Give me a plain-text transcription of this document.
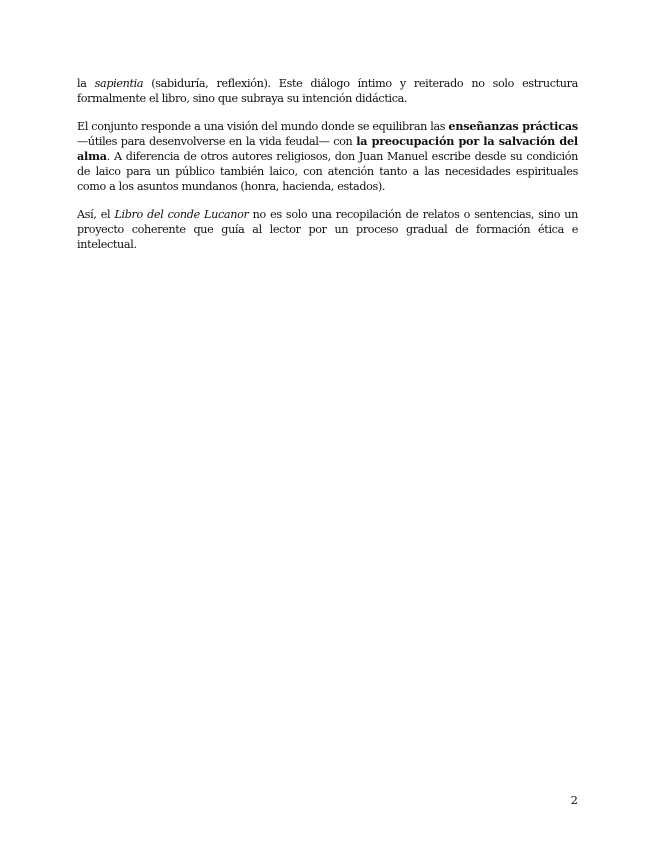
la sapientia (sabiduría, reflexión). Este diálogo íntimo y reiterado no solo estructura formalmente el libro, sino que subraya su intención didáctica.

El conjunto responde a una visión del mundo donde se equilibran las enseñanzas prácticas —útiles para desenvolverse en la vida feudal— con la preocupación por la salvación del alma. A diferencia de otros autores religiosos, don Juan Manuel escribe desde su condición de laico para un público también laico, con atención tanto a las necesidades espirituales como a los asuntos mundanos (honra, hacienda, estados).

Así, el Libro del conde Lucanor no es solo una recopilación de relatos o sentencias, sino un proyecto coherente que guía al lector por un proceso gradual de formación ética e intelectual.

2
